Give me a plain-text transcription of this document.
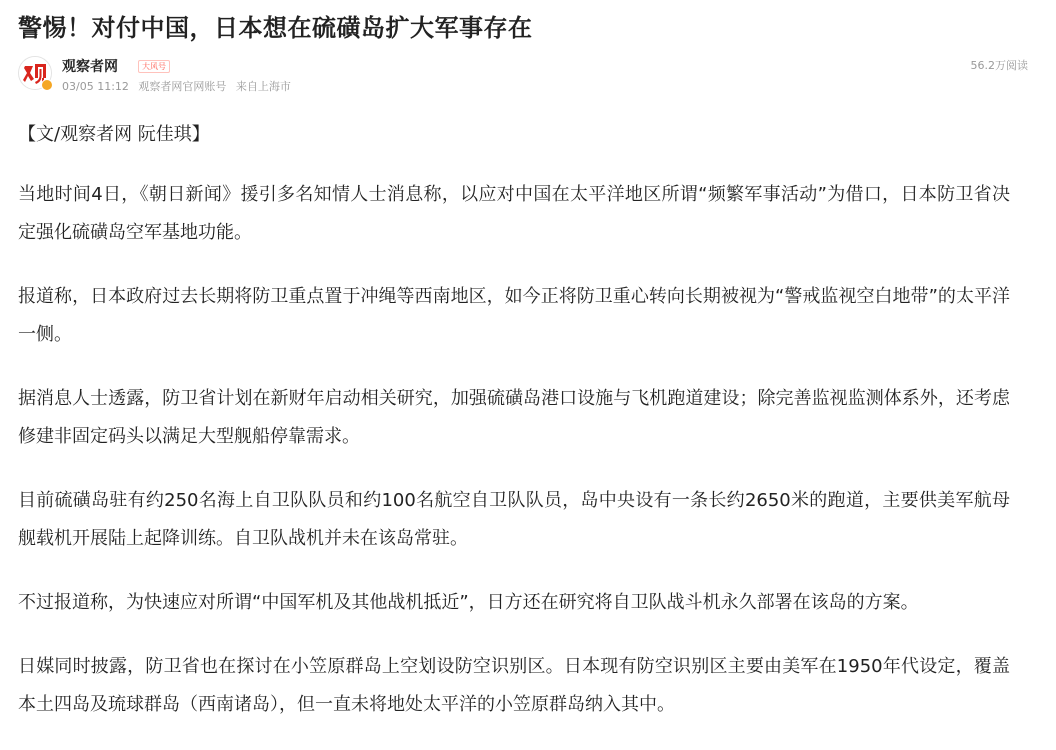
警惕！对付中国，日本想在硫磺岛扩大军事存在
观察者网	大风号
03/05 11:12 观察者网官网账号 来自上海市
56.2万阅读

【文/观察者网 阮佳琪】

当地时间4日，《朝日新闻》援引多名知情人士消息称，以应对中国在太平洋地区所谓“频繁军事活动”为借口，日本防卫省决定强化硫磺岛空军基地功能。

报道称，日本政府过去长期将防卫重点置于冲绳等西南地区，如今正将防卫重心转向长期被视为“警戒监视空白地带”的太平洋一侧。

据消息人士透露，防卫省计划在新财年启动相关研究，加强硫磺岛港口设施与飞机跑道建设；除完善监视监测体系外，还考虑修建非固定码头以满足大型舰船停靠需求。

目前硫磺岛驻有约250名海上自卫队队员和约100名航空自卫队队员，岛中央设有一条长约2650米的跑道，主要供美军航母舰载机开展陆上起降训练。自卫队战机并未在该岛常驻。

不过报道称，为快速应对所谓“中国军机及其他战机抵近”，日方还在研究将自卫队战斗机永久部署在该岛的方案。

日媒同时披露，防卫省也在探讨在小笠原群岛上空划设防空识别区。日本现有防空识别区主要由美军在1950年代设定，覆盖本土四岛及琉球群岛（西南诸岛），但一直未将地处太平洋的小笠原群岛纳入其中。
